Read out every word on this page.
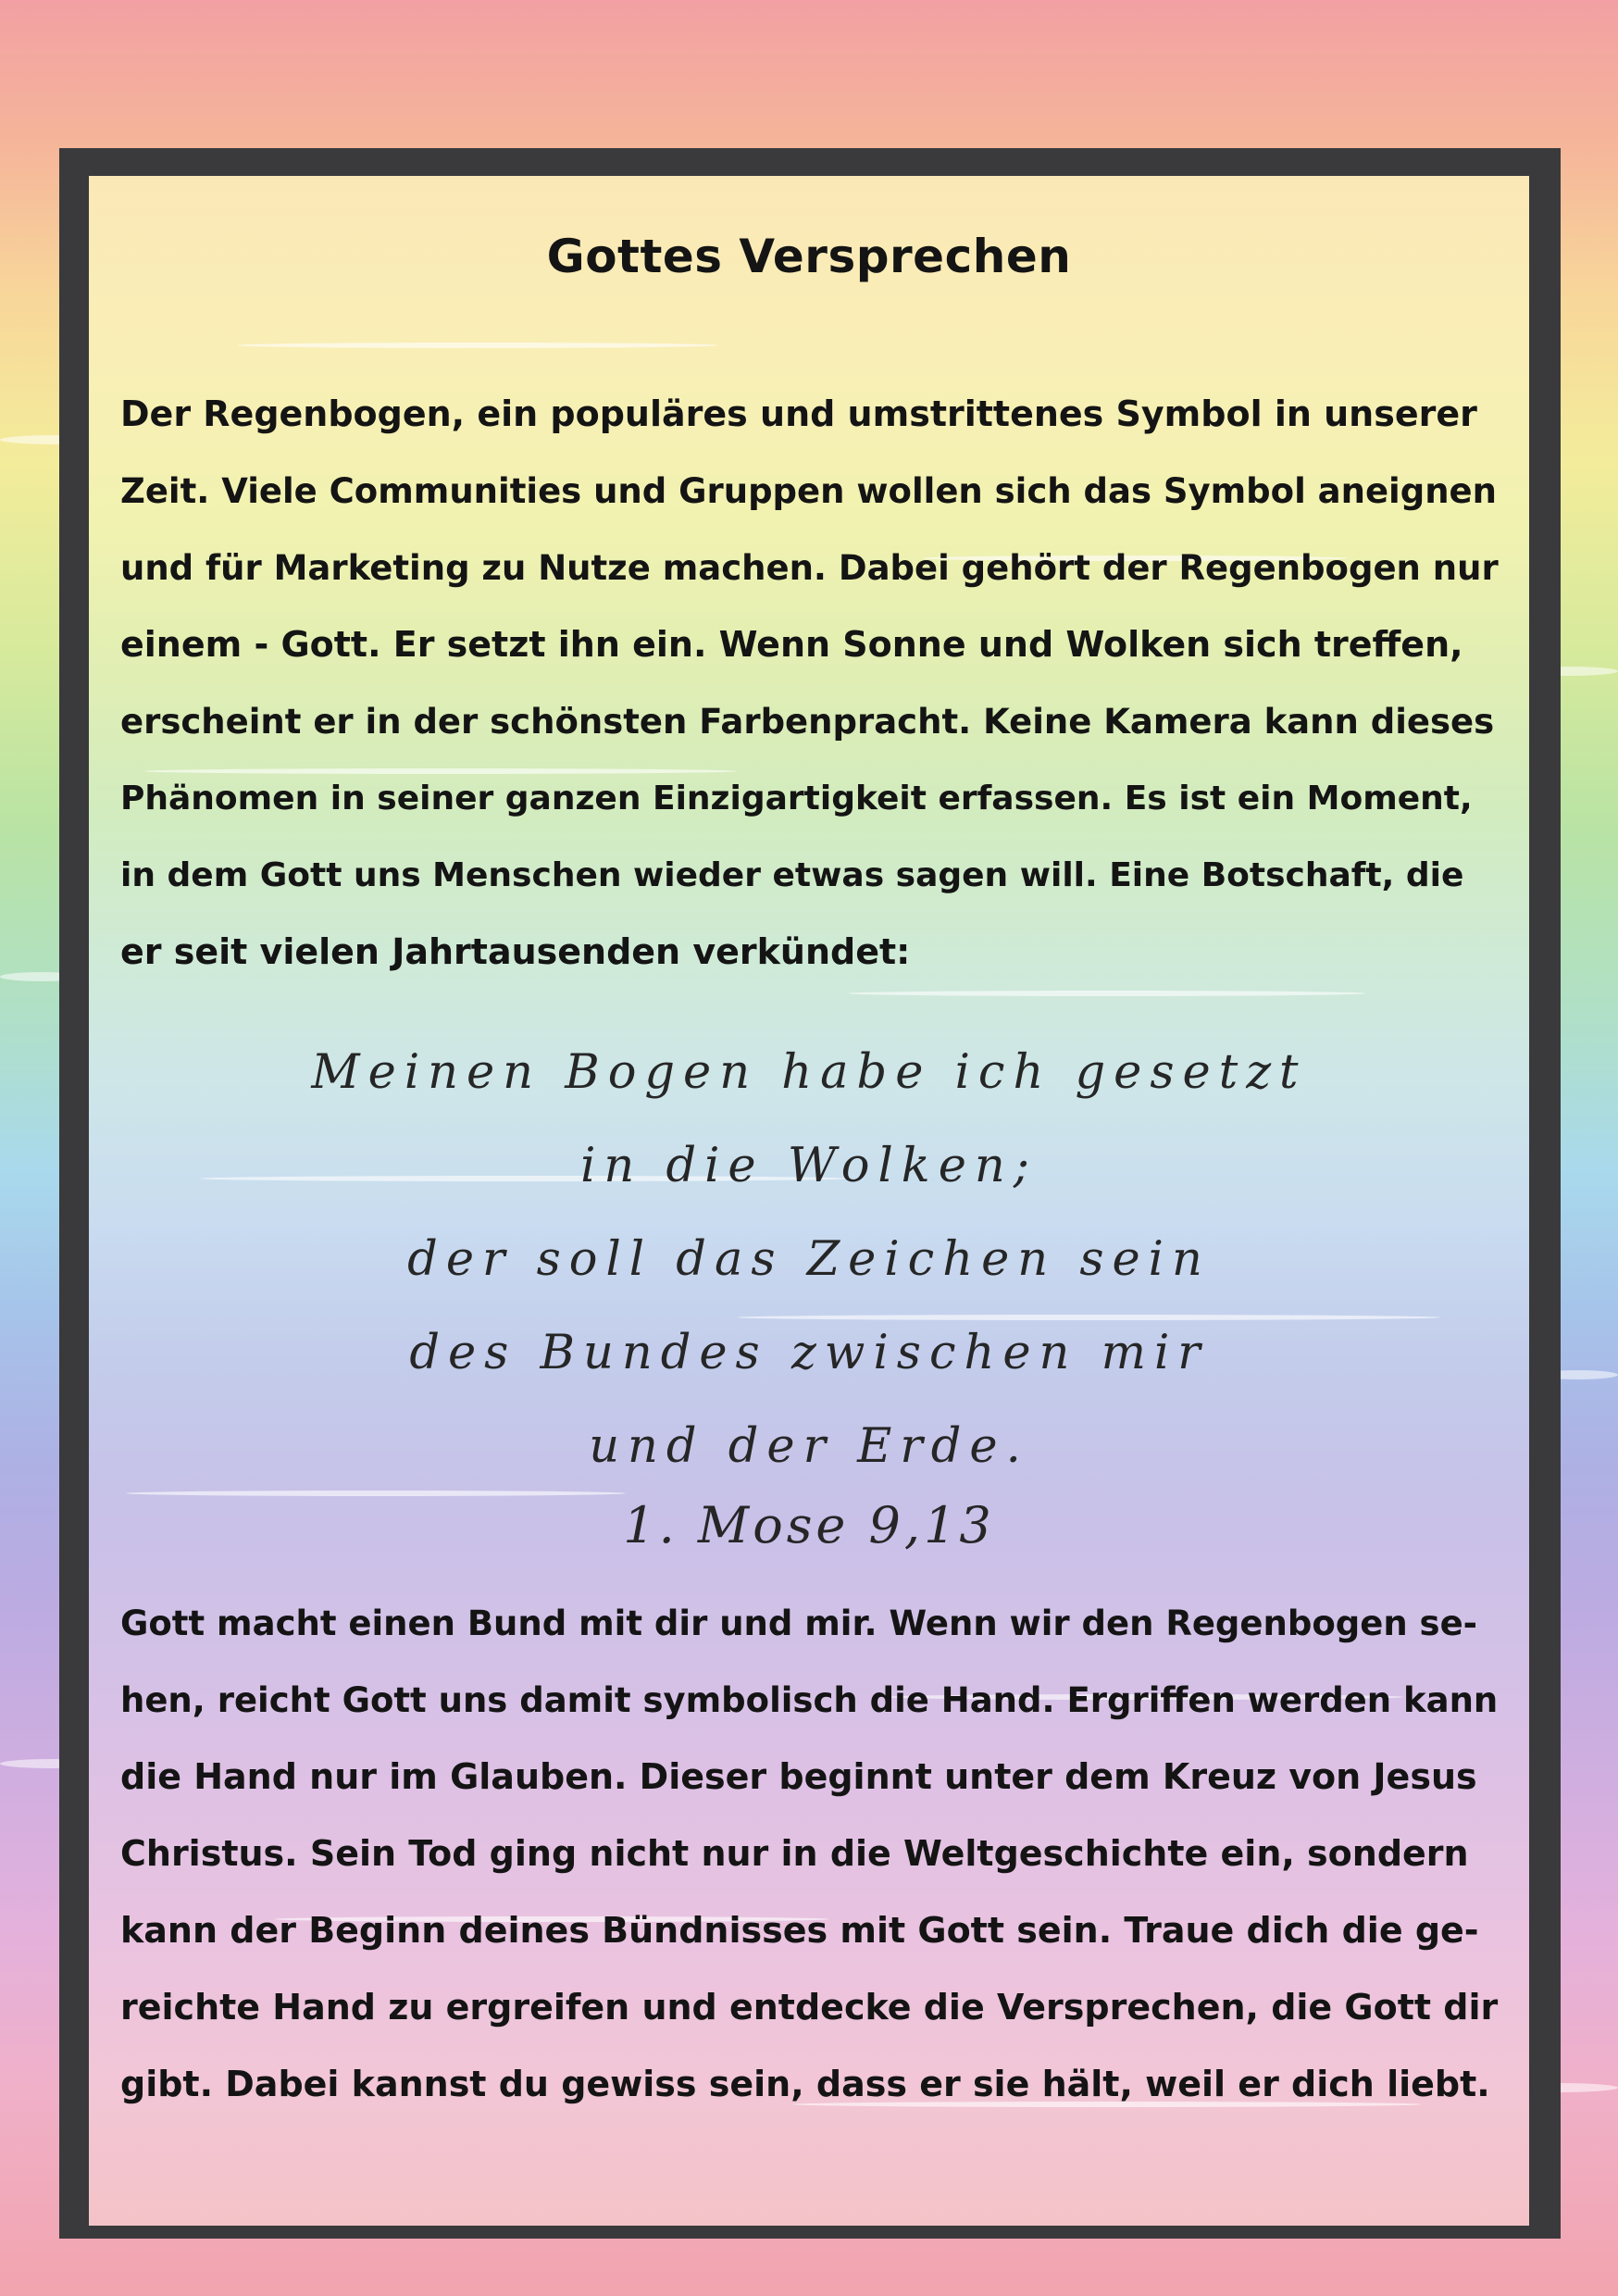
Gottes Versprechen

Der Regenbogen, ein populäres und umstrittenes Symbol in unserer
Zeit. Viele Communities und Gruppen wollen sich das Symbol aneignen
und für Marketing zu Nutze machen. Dabei gehört der Regenbogen nur
einem - Gott. Er setzt ihn ein. Wenn Sonne und Wolken sich treffen,
erscheint er in der schönsten Farbenpracht. Keine Kamera kann dieses
Phänomen in seiner ganzen Einzigartigkeit erfassen. Es ist ein Moment,
in dem Gott uns Menschen wieder etwas sagen will. Eine Botschaft, die
er seit vielen Jahrtausenden verkündet:

Meinen Bogen habe ich gesetzt
in die Wolken;
der soll das Zeichen sein
des Bundes zwischen mir
und der Erde.

1. Mose 9,13

Gott macht einen Bund mit dir und mir. Wenn wir den Regenbogen se-
hen, reicht Gott uns damit symbolisch die Hand. Ergriffen werden kann
die Hand nur im Glauben. Dieser beginnt unter dem Kreuz von Jesus
Christus. Sein Tod ging nicht nur in die Weltgeschichte ein, sondern
kann der Beginn deines Bündnisses mit Gott sein. Traue dich die ge-
reichte Hand zu ergreifen und entdecke die Versprechen, die Gott dir
gibt. Dabei kannst du gewiss sein, dass er sie hält, weil er dich liebt.
